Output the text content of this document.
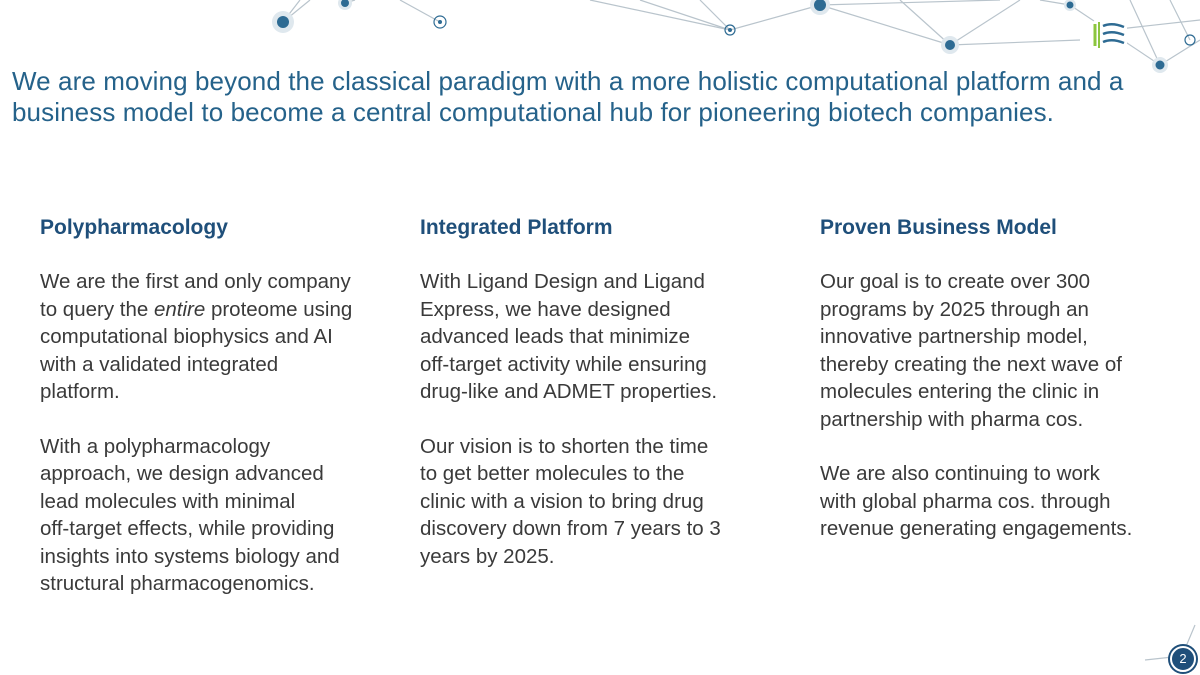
We are moving beyond the classical paradigm with a more holistic computational platform and a
business model to become a central computational hub for pioneering biotech companies.
Polypharmacology

We are the first and only company
to query the entire proteome using
computational biophysics and AI
with a validated integrated
platform.

With a polypharmacology
approach, we design advanced
lead molecules with minimal
off-target effects, while providing
insights into systems biology and
structural pharmacogenomics.

Integrated Platform

With Ligand Design and Ligand
Express, we have designed
advanced leads that minimize
off-target activity while ensuring
drug-like and ADMET properties.

Our vision is to shorten the time
to get better molecules to the
clinic with a vision to bring drug
discovery down from 7 years to 3
years by 2025.

Proven Business Model

Our goal is to create over 300
programs by 2025 through an
innovative partnership model,
thereby creating the next wave of
molecules entering the clinic in
partnership with pharma cos.

We are also continuing to work
with global pharma cos. through
revenue generating engagements.

2
